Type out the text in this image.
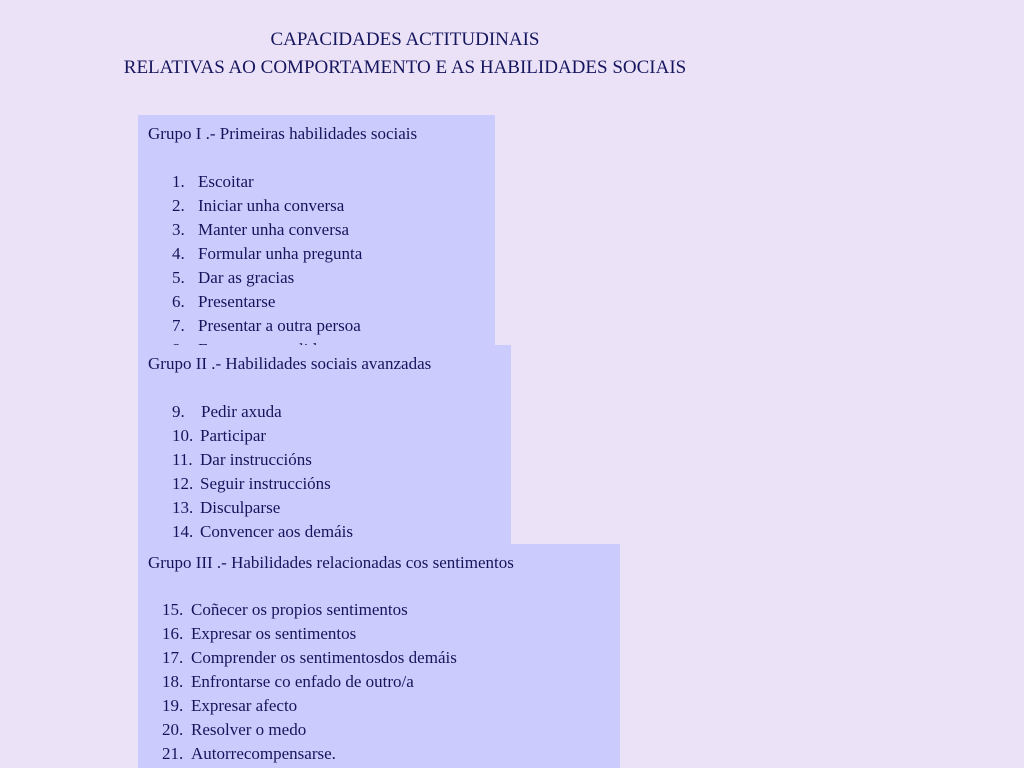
CAPACIDADES ACTITUDINAIS
RELATIVAS AO COMPORTAMENTO E AS HABILIDADES SOCIAIS
Grupo I .- Primeiras habilidades sociais
1. Escoitar
2. Iniciar unha conversa
3. Manter unha conversa
4. Formular unha pregunta
5. Dar as gracias
6. Presentarse
7. Presentar a outra persoa
Grupo II .- Habilidades sociais avanzadas
9. Pedir axuda
10. Participar
11. Dar instruccións
12. Seguir instruccións
13. Disculparse
14. Convencer aos demáis
Grupo III .- Habilidades relacionadas cos sentimentos
15. Coñecer os propios sentimentos
16. Expresar os sentimentos
17. Comprender os sentimentosdos demáis
18. Enfrontarse co enfado de outro/a
19. Expresar afecto
20. Resolver o medo
21. Autorrecompensarse.
